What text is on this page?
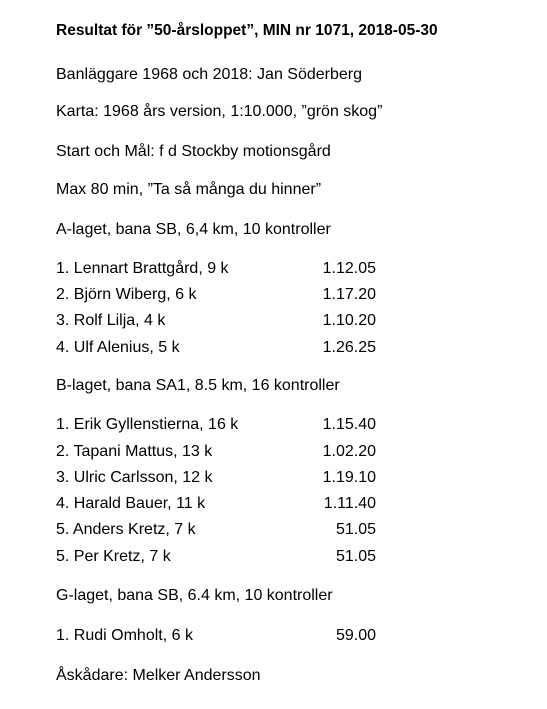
Resultat för ”50-årsloppet”, MIN nr 1071, 2018-05-30
Banläggare 1968 och 2018: Jan Söderberg
Karta: 1968 års version, 1:10.000, ”grön skog”
Start och Mål: f d Stockby motionsgård
Max 80 min, ”Ta så många du hinner”
A-laget, bana SB, 6,4 km, 10 kontroller
1. Lennart Brattgård, 9 k	1.12.05
2. Björn Wiberg, 6 k	1.17.20
3. Rolf Lilja, 4 k	1.10.20
4. Ulf Alenius, 5 k	1.26.25
B-laget, bana SA1, 8.5 km, 16 kontroller
1. Erik Gyllenstierna, 16 k	1.15.40
2. Tapani Mattus, 13 k	1.02.20
3. Ulric Carlsson, 12 k	1.19.10
4. Harald Bauer, 11 k	1.11.40
5. Anders Kretz, 7 k	51.05
5. Per Kretz, 7 k	51.05
G-laget, bana SB, 6.4 km, 10 kontroller
1. Rudi Omholt, 6 k	59.00
Åskådare: Melker Andersson
